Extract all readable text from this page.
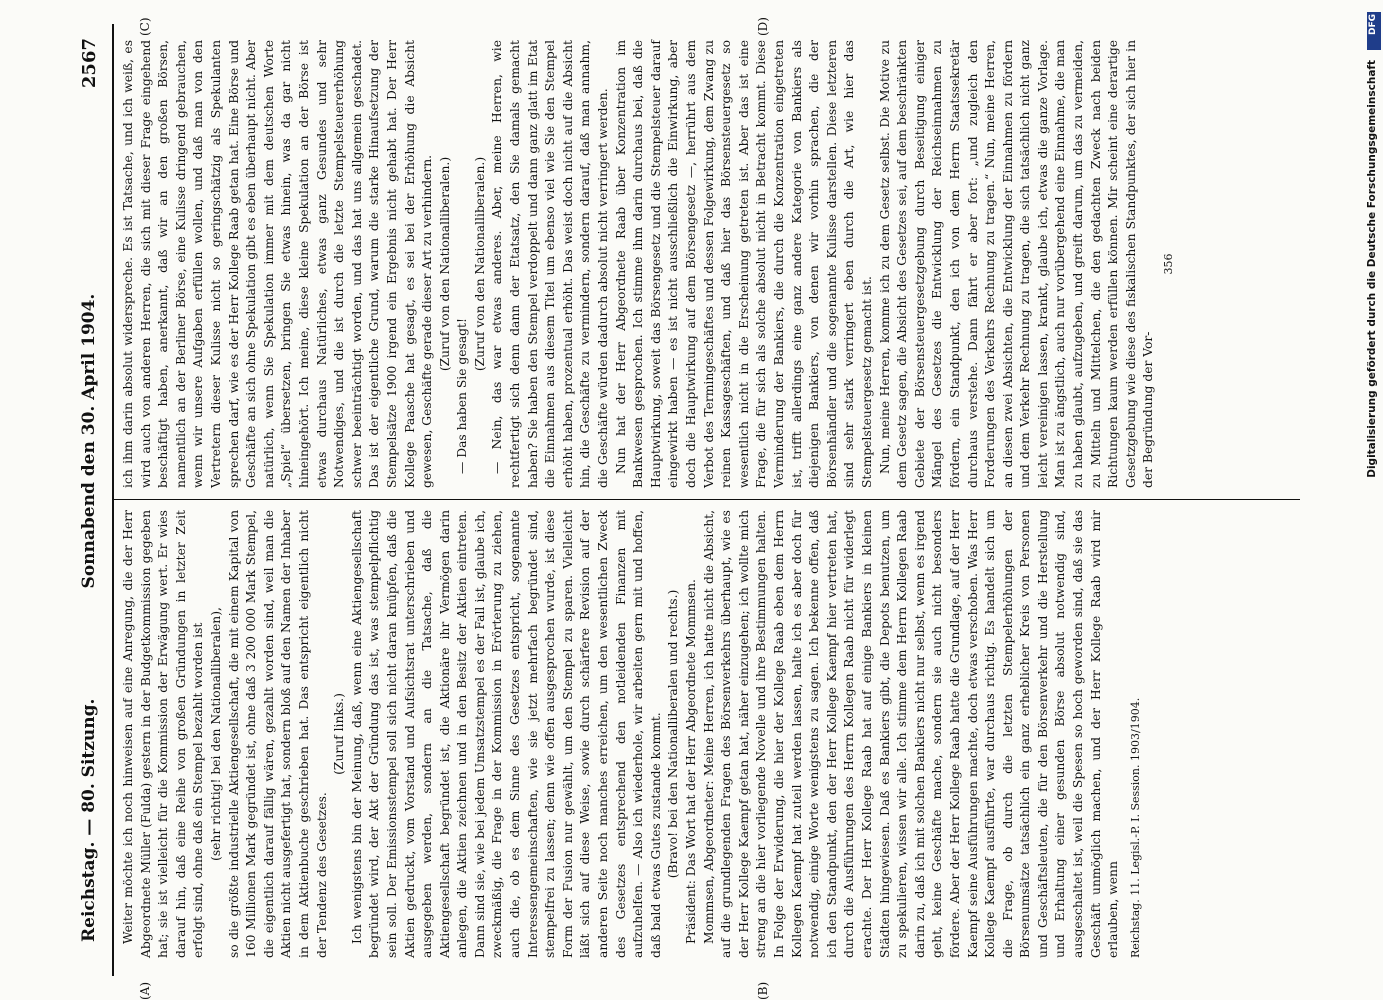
Reichstag. — 80. Sitzung.
Sonnabend den 30. April 1904.
2567
(A)	(B)
(C)	(D)

Weiter möchte ich noch hinweisen auf eine Anregung, die der Herr Abgeordnete Müller (Fulda) gestern in der Budgetkommission gegeben hat; sie ist vielleicht für die Kommission der Erwägung wert. Er wies darauf hin, daß eine Reihe von großen Gründungen in letzter Zeit erfolgt sind, ohne daß ein Stempel bezahlt worden ist (sehr richtig! bei den Nationalliberalen), so die größte industrielle Aktiengesellschaft, die mit einem Kapital von 160 Millionen Mark gegründet ist, ohne daß 3 200 000 Mark Stempel, die eigentlich darauf fällig wären, gezahlt worden sind, weil man die Aktien nicht ausgefertigt hat, sondern bloß auf den Namen der Inhaber in dem Aktienbuche geschrieben hat. Das entspricht eigentlich nicht der Tendenz des Gesetzes.

(Zuruf links.) Ich wenigstens bin der Meinung, daß, wenn eine Aktiengesellschaft begründet wird, der Akt der Gründung das ist, was stempelpflichtig sein soll. Der Emissionsstempel soll sich nicht daran knüpfen, daß die Aktien gedruckt, vom Vorstand und Aufsichtsrat unterschrieben und ausgegeben werden, sondern an die Tatsache, daß die Aktiengesellschaft begründet ist, die Aktionäre ihr Vermögen darin anlegen, die Aktien zeichnen und in den Besitz der Aktien eintreten. Dann sind sie, wie bei jedem Umsatzstempel es der Fall ist, glaube ich, zweckmäßig, die Frage in der Kommission in Erörterung zu ziehen, auch die, ob es dem Sinne des Gesetzes entspricht, sogenannte Interessengemeinschaften, wie sie jetzt mehrfach begründet sind, stempelfrei zu lassen; denn wie offen ausgesprochen wurde, ist diese Form der Fusion nur gewählt, um den Stempel zu sparen. Vielleicht läßt sich auf diese Weise, sowie durch schärfere Revision auf der anderen Seite noch manches erreichen, um den wesentlichen Zweck des Gesetzes entsprechend den notleidenden Finanzen mit aufzuhelfen. — Also ich wiederhole, wir arbeiten gern mit und hoffen, daß bald etwas Gutes zustande kommt. (Bravo! bei den Nationalliberalen und rechts.) Präsident: Das Wort hat der Herr Abgeordnete Mommsen. Mommsen, Abgeordneter: Meine Herren, ich hatte nicht die Absicht, auf die grundlegenden Fragen des Börsenverkehrs überhaupt, wie es der Herr Kollege Kaempf getan hat, näher einzugehen; ich wollte mich streng an die hier vorliegende Novelle und ihre Bestimmungen halten. In Folge der Erwiderung, die hier der Kollege Raab eben dem Herrn Kollegen Kaempf hat zuteil werden lassen, halte ich es aber doch für notwendig, einige Worte wenigstens zu sagen. Ich bekenne offen, daß ich den Standpunkt, den der Herr Kollege Kaempf hier vertreten hat, durch die Ausführungen des Herrn Kollegen Raab nicht für widerlegt erachte. Der Herr Kollege Raab hat auf einige Bankiers in kleinen Städten hingewiesen. Daß es Bankiers gibt, die Depots benutzen, um zu spekulieren, wissen wir alle. Ich stimme dem Herrn Kollegen Raab darin zu, daß ich mit solchen Bankiers nicht nur selbst, wenn es irgend geht, keine Geschäfte mache, sondern sie auch nicht besonders fördere. Aber der Herr Kollege Raab hatte die Grundlage, auf der Herr Kaempf seine Ausführungen machte, doch etwas verschoben. Was Herr Kollege Kaempf ausführte, war durchaus richtig. Es handelt sich um die Frage, ob durch die letzten Stempelerhöhungen der Börsenumsätze tatsächlich ein ganz erheblicher Kreis von Personen und Geschäftsleuten, die für den Börsenverkehr und die Herstellung und Erhaltung einer gesunden Börse absolut notwendig sind, ausgeschaltet ist, weil die Spesen so hoch geworden sind, daß sie das Geschäft unmöglich machen, und der Herr Kollege Raab wird mir erlauben, wenn Reichstag. 11. Legisl.-P. I. Session. 1903/1904.

ich ihm darin absolut widerspreche. Es ist Tatsache, und ich weiß, es wird auch von anderen Herren, die sich mit dieser Frage eingehend beschäftigt haben, anerkannt, daß wir an den großen Börsen, namentlich an der Berliner Börse, eine Kulisse dringend gebrauchen, wenn wir unsere Aufgaben erfüllen wollen, und daß man von den Vertretern dieser Kulisse nicht so geringschätzig als Spekulanten sprechen darf, wie es der Herr Kollege Raab getan hat. Eine Börse und Geschäfte an sich ohne Spekulation gibt es eben überhaupt nicht. Aber natürlich, wenn Sie Spekulation immer mit dem deutschen Worte „Spiel“ übersetzen, bringen Sie etwas hinein, was da gar nicht hineingehört. Ich meine, diese kleine Spekulation an der Börse ist etwas durchaus Natürliches, etwas ganz Gesundes und sehr Notwendiges, und die ist durch die letzte Stempelsteuererhöhung schwer beeinträchtigt worden, und das hat uns allgemein geschadet. Das ist der eigentliche Grund, warum die starke Hinaufsetzung der Stempelsätze 1900 irgend ein Ergebnis nicht gehabt hat. Der Herr Kollege Paasche hat gesagt, es sei bei der Erhöhung die Absicht gewesen, Geschäfte gerade dieser Art zu verhindern. (Zuruf von den Nationalliberalen.)

— Das haben Sie gesagt!

(Zuruf von den Nationalliberalen.) — Nein, das war etwas anderes. Aber, meine Herren, wie rechtfertigt sich denn dann der Etatsatz, den Sie damals gemacht haben? Sie haben den Stempel verdoppelt und dann ganz glatt im Etat die Einnahmen aus diesem Titel um ebenso viel wie Sie den Stempel erhöht haben, prozentual erhöht. Das weist doch nicht auf die Absicht hin, die Geschäfte zu vermindern, sondern darauf, daß man annahm, die Geschäfte würden dadurch absolut nicht verringert werden. Nun hat der Herr Abgeordnete Raab über Konzentration im Bankwesen gesprochen. Ich stimme ihm darin durchaus bei, daß die Hauptwirkung, soweit das Börsengesetz und die Stempelsteuer darauf eingewirkt haben — es ist nicht ausschließlich die Einwirkung, aber doch die Hauptwirkung auf dem Börsengesetz —, herrührt aus dem Verbot des Termingeschäftes und dessen Folgewirkung, dem Zwang zu reinen Kassageschäften, und daß hier das Börsensteuergesetz so wesentlich nicht in die Erscheinung getreten ist. Aber das ist eine Frage, die für sich als solche absolut nicht in Betracht kommt. Diese Verminderung der Bankiers, die durch die Konzentration eingetreten ist, trifft allerdings eine ganz andere Kategorie von Bankiers als diejenigen Bankiers, von denen wir vorhin sprachen, die der Börsenhändler und die sogenannte Kulisse darstellen. Diese letzteren sind sehr stark verringert eben durch die Art, wie hier das Stempelsteuergesetz gemacht ist. Nun, meine Herren, komme ich zu dem Gesetz selbst. Die Motive zu dem Gesetz sagen, die Absicht des Gesetzes sei, auf dem beschränkten Gebiete der Börsensteuergesetzgebung durch Beseitigung einiger Mängel des Gesetzes die Entwicklung der Reichseinnahmen zu fördern, ein Standpunkt, den ich von dem Herrn Staatssekretär durchaus verstehe. Dann fährt er aber fort: „und zugleich den Forderungen des Verkehrs Rechnung zu tragen.“ Nun, meine Herren, an diesen zwei Absichten, die Entwicklung der Einnahmen zu fördern und dem Verkehr Rechnung zu tragen, die sich tatsächlich nicht ganz leicht vereinigen lassen, krankt, glaube ich, etwas die ganze Vorlage. Man ist zu ängstlich, auch nur vorübergehend eine Einnahme, die man zu haben glaubt, aufzugeben, und greift darum, um das zu vermeiden, zu Mitteln und Mittelchen, die den gedachten Zweck nach beiden Richtungen kaum werden erfüllen können. Mir scheint eine derartige Gesetzgebung wie diese des fiskalischen Standpunktes, der sich hier in der Begründung der Vor-

356

DFG
Digitalisierung gefördert durch die Deutsche Forschungsgemeinschaft
